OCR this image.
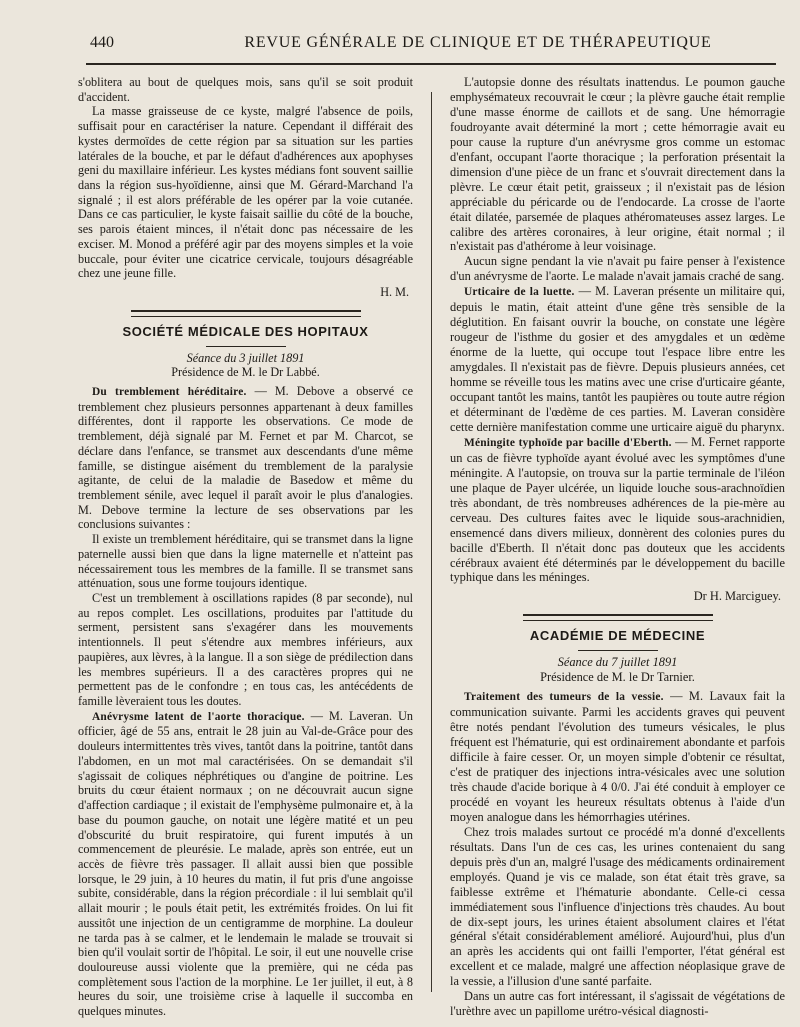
440	REVUE GÉNÉRALE DE CLINIQUE ET DE THÉRAPEUTIQUE

s'oblitera au bout de quelques mois, sans qu'il se soit produit d'accident.

La masse graisseuse de ce kyste, malgré l'absence de poils, suffisait pour en caractériser la nature. Cependant il différait des kystes dermoïdes de cette région par sa situation sur les parties latérales de la bouche, et par le défaut d'adhérences aux apophyses geni du maxillaire inférieur. Les kystes médians font souvent saillie dans la région sus-hyoïdienne, ainsi que M. Gérard-Marchand l'a signalé ; il est alors préférable de les opérer par la voie cutanée. Dans ce cas particulier, le kyste faisait saillie du côté de la bouche, ses parois étaient minces, il n'était donc pas nécessaire de les exciser. M. Monod a préféré agir par des moyens simples et la voie buccale, pour éviter une cicatrice cervicale, toujours désagréable chez une jeune fille.

H. M.
SOCIÉTÉ MÉDICALE DES HOPITAUX
Séance du 3 juillet 1891
Présidence de M. le Dr Labbé.

Du tremblement héréditaire. — M. Debove a observé ce tremblement chez plusieurs personnes appartenant à deux familles différentes, dont il rapporte les observations. Ce mode de tremblement, déjà signalé par M. Fernet et par M. Charcot, se déclare dans l'enfance, se transmet aux descendants d'une même famille, se distingue aisément du tremblement de la paralysie agitante, de celui de la maladie de Basedow et même du tremblement sénile, avec lequel il paraît avoir le plus d'analogies. M. Debove termine la lecture de ses observations par les conclusions suivantes :

Il existe un tremblement héréditaire, qui se transmet dans la ligne paternelle aussi bien que dans la ligne maternelle et n'atteint pas nécessairement tous les membres de la famille. Il se transmet sans atténuation, sous une forme toujours identique.

C'est un tremblement à oscillations rapides (8 par seconde), nul au repos complet. Les oscillations, produites par l'attitude du serment, persistent sans s'exagérer dans les mouvements intentionnels. Il peut s'étendre aux membres inférieurs, aux paupières, aux lèvres, à la langue. Il a son siège de prédilection dans les membres supérieurs. Il a des caractères propres qui ne permettent pas de le confondre ; en tous cas, les antécédents de famille lèveraient tous les doutes.

Anévrysme latent de l'aorte thoracique. — M. Laveran. Un officier, âgé de 55 ans, entrait le 28 juin au Val-de-Grâce pour des douleurs intermittentes très vives, tantôt dans la poitrine, tantôt dans l'abdomen, en un mot mal caractérisées. On se demandait s'il s'agissait de coliques néphrétiques ou d'angine de poitrine. Les bruits du cœur étaient normaux ; on ne découvrait aucun signe d'affection cardiaque ; il existait de l'emphysème pulmonaire et, à la base du poumon gauche, on notait une légère matité et un peu d'obscurité du bruit respiratoire, qui furent imputés à un commencement de pleurésie. Le malade, après son entrée, eut un accès de fièvre très passager. Il allait aussi bien que possible lorsque, le 29 juin, à 10 heures du matin, il fut pris d'une angoisse subite, considérable, dans la région précordiale : il lui semblait qu'il allait mourir ; le pouls était petit, les extrémités froides. On lui fit aussitôt une injection de un centigramme de morphine. La douleur ne tarda pas à se calmer, et le lendemain le malade se trouvait si bien qu'il voulait sortir de l'hôpital. Le soir, il eut une nouvelle crise douloureuse aussi violente que la première, qui ne céda pas complètement sous l'action de la morphine. Le 1er juillet, il eut, à 8 heures du soir, une troisième crise à laquelle il succomba en quelques minutes.

L'autopsie donne des résultats inattendus. Le poumon gauche emphysémateux recouvrait le cœur ; la plèvre gauche était remplie d'une masse énorme de caillots et de sang. Une hémorragie foudroyante avait déterminé la mort ; cette hémorragie avait eu pour cause la rupture d'un anévrysme gros comme un estomac d'enfant, occupant l'aorte thoracique ; la perforation présentait la dimension d'une pièce de un franc et s'ouvrait directement dans la plèvre. Le cœur était petit, graisseux ; il n'existait pas de lésion appréciable du péricarde ou de l'endocarde. La crosse de l'aorte était dilatée, parsemée de plaques athéromateuses assez larges. Le calibre des artères coronaires, à leur origine, était normal ; il n'existait pas d'athérome à leur voisinage.

Aucun signe pendant la vie n'avait pu faire penser à l'existence d'un anévrysme de l'aorte. Le malade n'avait jamais craché de sang.

Urticaire de la luette. — M. Laveran présente un militaire qui, depuis le matin, était atteint d'une gêne très sensible de la déglutition. En faisant ouvrir la bouche, on constate une légère rougeur de l'isthme du gosier et des amygdales et un œdème énorme de la luette, qui occupe tout l'espace libre entre les amygdales. Il n'existait pas de fièvre. Depuis plusieurs années, cet homme se réveille tous les matins avec une crise d'urticaire géante, occupant tantôt les mains, tantôt les paupières ou toute autre région et déterminant de l'œdème de ces parties. M. Laveran considère cette dernière manifestation comme une urticaire aiguë du pharynx.

Méningite typhoïde par bacille d'Eberth. — M. Fernet rapporte un cas de fièvre typhoïde ayant évolué avec les symptômes d'une méningite. A l'autopsie, on trouva sur la partie terminale de l'iléon une plaque de Payer ulcérée, un liquide louche sous-arachnoïdien très abondant, de très nombreuses adhérences de la pie-mère au cerveau. Des cultures faites avec le liquide sous-arachnidien, ensemencé dans divers milieux, donnèrent des colonies pures du bacille d'Eberth. Il n'était donc pas douteux que les accidents cérébraux avaient été déterminés par le développement du bacille typhique dans les méninges.

Dr H. Marciguey.
ACADÉMIE DE MÉDECINE
Séance du 7 juillet 1891
Présidence de M. le Dr Tarnier.

Traitement des tumeurs de la vessie. — M. Lavaux fait la communication suivante. Parmi les accidents graves qui peuvent être notés pendant l'évolution des tumeurs vésicales, le plus fréquent est l'hématurie, qui est ordinairement abondante et parfois difficile à faire cesser. Or, un moyen simple d'obtenir ce résultat, c'est de pratiquer des injections intra-vésicales avec une solution très chaude d'acide borique à 4 0/0. J'ai été conduit à employer ce procédé en voyant les heureux résultats obtenus à l'aide d'un moyen analogue dans les hémorrhagies utérines.

Chez trois malades surtout ce procédé m'a donné d'excellents résultats. Dans l'un de ces cas, les urines contenaient du sang depuis près d'un an, malgré l'usage des médicaments ordinairement employés. Quand je vis ce malade, son état était très grave, sa faiblesse extrême et l'hématurie abondante. Celle-ci cessa immédiatement sous l'influence d'injections très chaudes. Au bout de dix-sept jours, les urines étaient absolument claires et l'état général s'était considérablement amélioré. Aujourd'hui, plus d'un an après les accidents qui ont failli l'emporter, l'état général est excellent et ce malade, malgré une affection néoplasique grave de la vessie, a l'illusion d'une santé parfaite.

Dans un autre cas fort intéressant, il s'agissait de végétations de l'urèthre avec un papillome urétro-vésical diagnosti-
